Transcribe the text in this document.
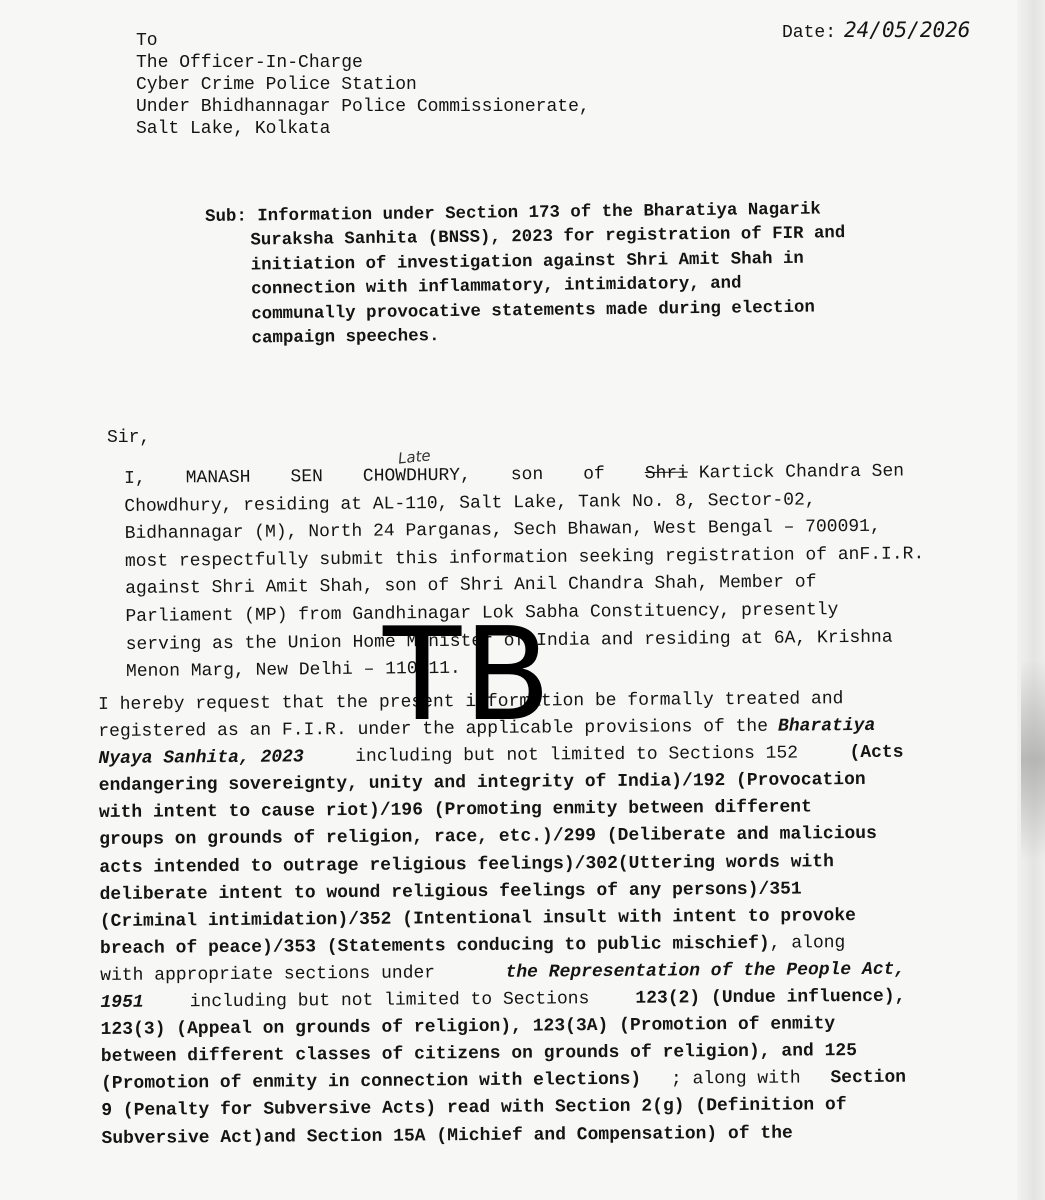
Date: 24/05/2026
To
The Officer-In-Charge
Cyber Crime Police Station
Under Bhidhannagar Police Commissionerate,
Salt Lake, Kolkata
Sub: Information under Section 173 of the Bharatiya Nagarik
Suraksha Sanhita (BNSS), 2023 for registration of FIR and
initiation of investigation against Shri Amit Shah in
connection with inflammatory, intimidatory, and
communally provocative statements made during election
campaign speeches.
Sir,
Late
I, MANASH SEN CHOWDHURY, son of Shri Kartick Chandra Sen
Chowdhury, residing at AL-110, Salt Lake, Tank No. 8, Sector-02,
Bidhannagar (M), North 24 Parganas, Sech Bhawan, West Bengal – 700091,
most respectfully submit this information seeking registration of anF.I.R.
against Shri Amit Shah, son of Shri Anil Chandra Shah, Member of
Parliament (MP) from Gandhinagar Lok Sabha Constituency, presently
serving as the Union Home Minister of India and residing at 6A, Krishna
Menon Marg, New Delhi – 110011.
I hereby request that the present information be formally treated and
registered as an F.I.R. under the applicable provisions of the Bharatiya
Nyaya Sanhita, 2023	including but not limited to Sections 152	(Acts
endangering sovereignty, unity and integrity of India)/192 (Provocation
with intent to cause riot)/196 (Promoting enmity between different
groups on grounds of religion, race, etc.)/299 (Deliberate and malicious
acts intended to outrage religious feelings)/302(Uttering words with
deliberate intent to wound religious feelings of any persons)/351
(Criminal intimidation)/352 (Intentional insult with intent to provoke
breach of peace)/353 (Statements conducing to public mischief) , along
with appropriate sections under	the Representation of the People Act,
1951	including but not limited to Sections	123(2) (Undue influence),
123(3) (Appeal on grounds of religion), 123(3A) (Promotion of enmity
between different classes of citizens on grounds of religion), and 125
(Promotion of enmity in connection with elections) ; along with Section
9 (Penalty for Subversive Acts) read with Section 2(g) (Definition of
Subversive Act)and Section 15A (Michief and Compensation) of the
TB
